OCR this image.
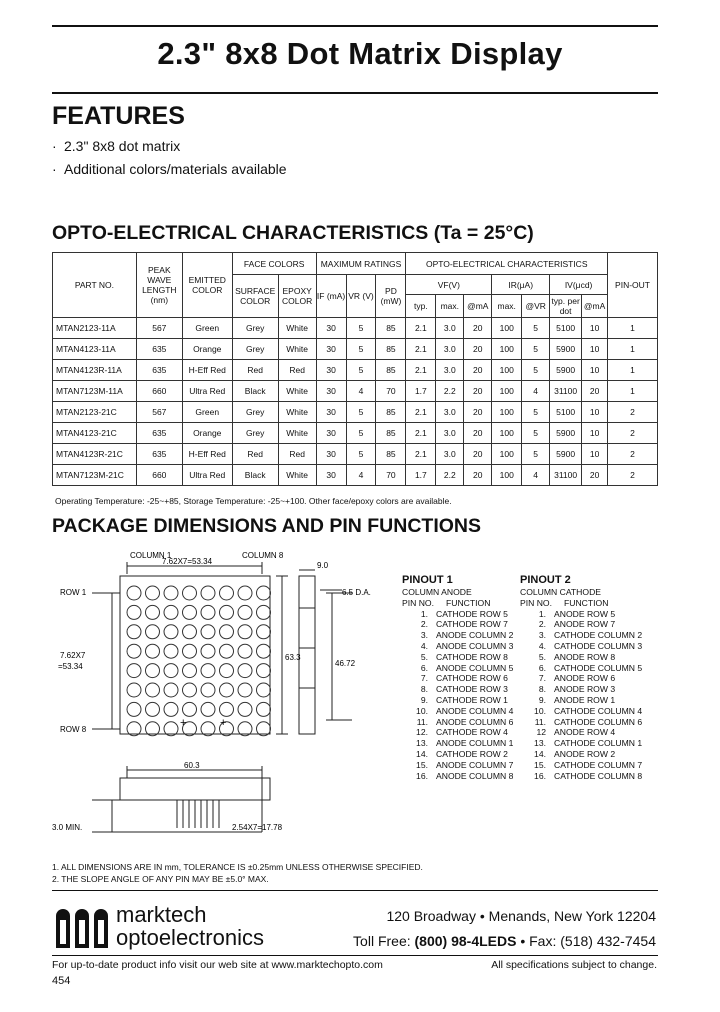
2.3" 8x8 Dot Matrix Display
FEATURES
· 2.3" 8x8 dot matrix
· Additional colors/materials available
OPTO-ELECTRICAL CHARACTERISTICS (Ta = 25°C)
PART NO.	PEAK WAVE LENGTH (nm)	EMITTED COLOR	FACE COLORS		MAXIMUM RATINGS			OPTO-ELECTRICAL CHARACTERISTICS							PIN-OUT
			SURFACE COLOR	EPOXY COLOR	IF (mA)	VR (V)	PD (mW)	VF(V)			IR(μA)		IV(μcd)		
								typ.	max.	@mA	max.	@VR	typ. per dot	@mA	
MTAN2123-11A	567	Green	Grey	White	30	5	85	2.1	3.0	20	100	5	5100	10	1
MTAN4123-11A	635	Orange	Grey	White	30	5	85	2.1	3.0	20	100	5	5900	10	1
MTAN4123R-11A	635	H-Eff Red	Red	Red	30	5	85	2.1	3.0	20	100	5	5900	10	1
MTAN7123M-11A	660	Ultra Red	Black	White	30	4	70	1.7	2.2	20	100	4	31100	20	1
MTAN2123-21C	567	Green	Grey	White	30	5	85	2.1	3.0	20	100	5	5100	10	2
MTAN4123-21C	635	Orange	Grey	White	30	5	85	2.1	3.0	20	100	5	5900	10	2
MTAN4123R-21C	635	H-Eff Red	Red	Red	30	5	85	2.1	3.0	20	100	5	5900	10	2
MTAN7123M-21C	660	Ultra Red	Black	White	30	4	70	1.7	2.2	20	100	4	31100	20	2
Operating Temperature: -25~+85, Storage Temperature: -25~+100. Other face/epoxy colors are available.
PACKAGE DIMENSIONS AND PIN FUNCTIONS
+
+
COLUMN 1	COLUMN 8
7.62X7=53.34
ROW 1
ROW 8
7.62X7
=53.34
9.0
6.5 D.A.
63.3
46.72
60.3
3.0 MIN.	2.54X7=17.78
PINOUT 1
COLUMN ANODE
PIN NO. FUNCTION
1. CATHODE ROW 5
2. CATHODE ROW 7
3. ANODE COLUMN 2
4. ANODE COLUMN 3
5. CATHODE ROW 8
6. ANODE COLUMN 5
7. CATHODE ROW 6
8. CATHODE ROW 3
9. CATHODE ROW 1
10. ANODE COLUMN 4
11. ANODE COLUMN 6
12. CATHODE ROW 4
13. ANODE COLUMN 1
14. CATHODE ROW 2
15. ANODE COLUMN 7
16. ANODE COLUMN 8
PINOUT 2
COLUMN CATHODE
PIN NO. FUNCTION
1. ANODE ROW 5
2. ANODE ROW 7
3. CATHODE COLUMN 2
4. CATHODE COLUMN 3
5. ANODE ROW 8
6. CATHODE COLUMN 5
7. ANODE ROW 6
8. ANODE ROW 3
9. ANODE ROW 1
10. CATHODE COLUMN 4
11. CATHODE COLUMN 6
12 ANODE ROW 4
13. CATHODE COLUMN 1
14. ANODE ROW 2
15. CATHODE COLUMN 7
16. CATHODE COLUMN 8
1. ALL DIMENSIONS ARE IN mm, TOLERANCE IS ±0.25mm UNLESS OTHERWISE SPECIFIED.
2. THE SLOPE ANGLE OF ANY PIN MAY BE ±5.0° MAX.
marktech
optoelectronics
120 Broadway • Menands, New York 12204
Toll Free: (800) 98-4LEDS • Fax: (518) 432-7454
For up-to-date product info visit our web site at www.marktechopto.com	All specifications subject to change.
454
